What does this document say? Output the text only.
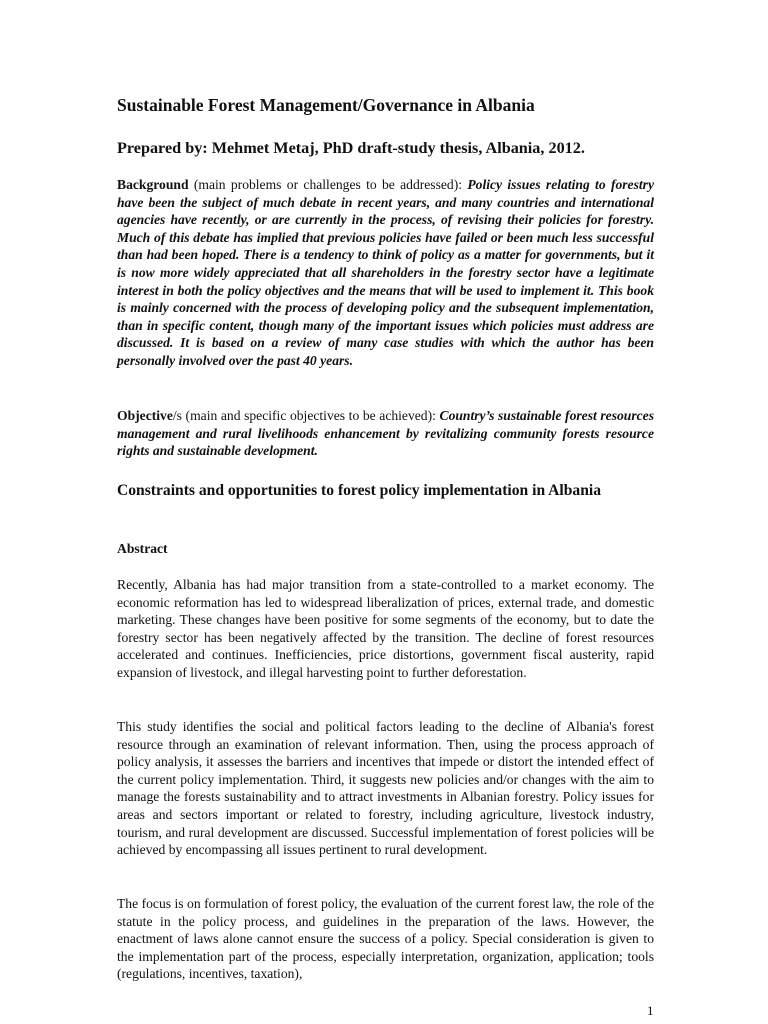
Sustainable Forest Management/Governance in Albania
Prepared by: Mehmet Metaj, PhD draft-study thesis, Albania, 2012.
Background (main problems or challenges to be addressed): Policy issues relating to forestry have been the subject of much debate in recent years, and many countries and international agencies have recently, or are currently in the process, of revising their policies for forestry. Much of this debate has implied that previous policies have failed or been much less successful than had been hoped. There is a tendency to think of policy as a matter for governments, but it is now more widely appreciated that all shareholders in the forestry sector have a legitimate interest in both the policy objectives and the means that will be used to implement it. This book is mainly concerned with the process of developing policy and the subsequent implementation, than in specific content, though many of the important issues which policies must address are discussed. It is based on a review of many case studies with which the author has been personally involved over the past 40 years.
Objective/s (main and specific objectives to be achieved): Country’s sustainable forest resources management and rural livelihoods enhancement by revitalizing community forests resource rights and sustainable development.
Constraints and opportunities to forest policy implementation in Albania
Abstract
Recently, Albania has had major transition from a state-controlled to a market economy. The economic reformation has led to widespread liberalization of prices, external trade, and domestic marketing. These changes have been positive for some segments of the economy, but to date the forestry sector has been negatively affected by the transition. The decline of forest resources accelerated and continues. Inefficiencies, price distortions, government fiscal austerity, rapid expansion of livestock, and illegal harvesting point to further deforestation.
This study identifies the social and political factors leading to the decline of Albania's forest resource through an examination of relevant information. Then, using the process approach of policy analysis, it assesses the barriers and incentives that impede or distort the intended effect of the current policy implementation. Third, it suggests new policies and/or changes with the aim to manage the forests sustainability and to attract investments in Albanian forestry. Policy issues for areas and sectors important or related to forestry, including agriculture, livestock industry, tourism, and rural development are discussed. Successful implementation of forest policies will be achieved by encompassing all issues pertinent to rural development.
The focus is on formulation of forest policy, the evaluation of the current forest law, the role of the statute in the policy process, and guidelines in the preparation of the laws. However, the enactment of laws alone cannot ensure the success of a policy. Special consideration is given to the implementation part of the process, especially interpretation, organization, application; tools (regulations, incentives, taxation),
1
